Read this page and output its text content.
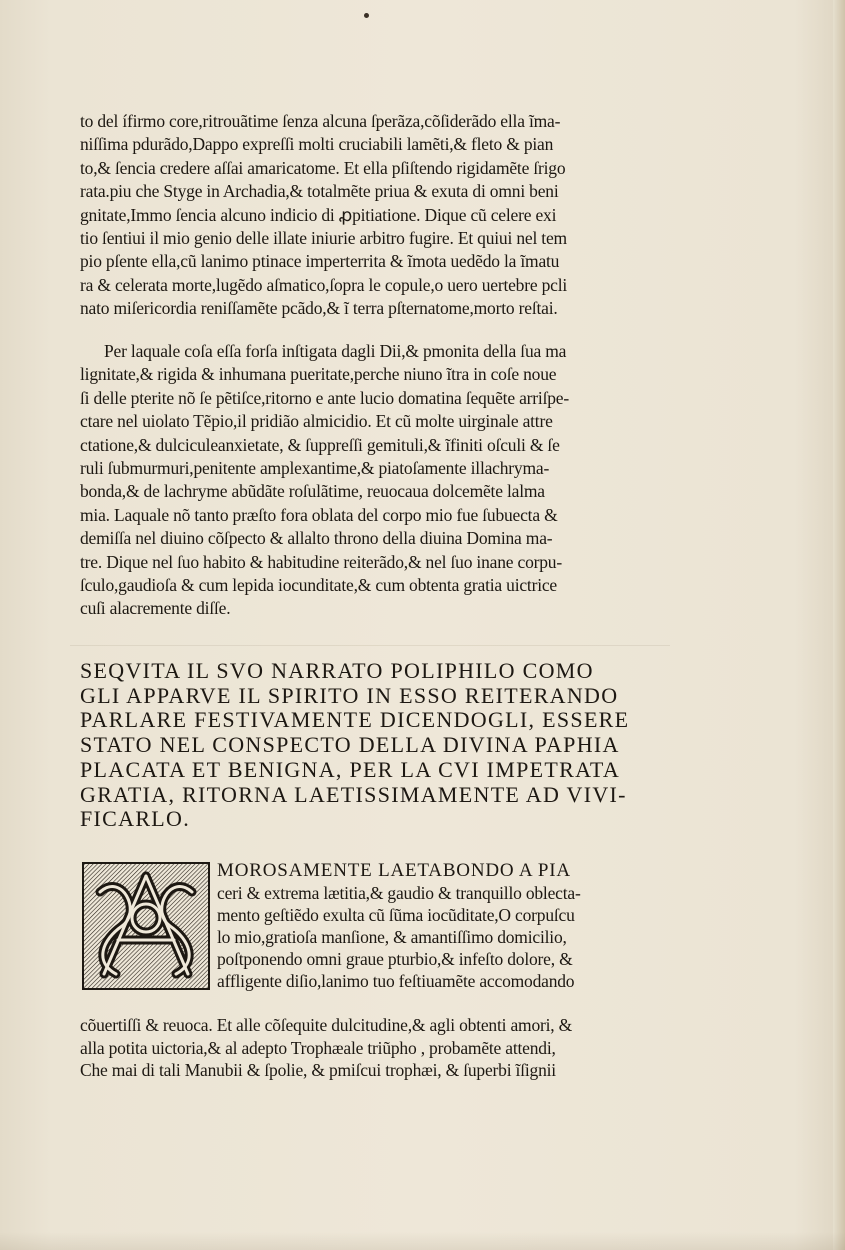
to del ífirmo core,ritrouãtime ſenza alcuna ſperãza,cõſiderãdo ella ĩma-
niſſima pdurãdo,Dappo expreſſi molti cruciabili lamẽti,& fleto & pian
to,& ſencia credere aſſai amaricatome. Et ella pſiſtendo rigidamẽte ſrigo
rata.piu che Styge in Archadia,& totalmẽte priua & exuta di omni beni
gnitate,Immo ſencia alcuno indicio di ꝓpitiatione. Dique cũ celere exi
tio ſentiui il mio genio delle illate iniurie arbitro fugire. Et quiui nel tem
pio pſente ella,cũ lanimo ptinace imperterrita & ĩmota uedẽdo la ĩmatu
ra & celerata morte,lugẽdo aſmatico,ſopra le copule,o uero uertebre pcli
nato miſericordia reniſſamẽte pcãdo,& ĩ terra pſternatome,morto reſtai.
Per laquale coſa eſſa forſa inſtigata dagli Dii,& pmonita della ſua ma
lignitate,& rigida & inhumana pueritate,perche niuno ĩtra in coſe noue
ſi delle pterite nõ ſe pẽtiſce,ritorno e ante lucio domatina ſequẽte arriſpe-
ctare nel uiolato Tẽpio,il pridião almicidio. Et cũ molte uirginale attre
ctatione,& dulciculeanxietate, & ſuppreſſi gemituli,& ĩfiniti oſculi & ſe
ruli ſubmurmuri,penitente amplexantime,& piatoſamente illachryma-
bonda,& de lachryme abũdãte roſulãtime, reuocaua dolcemẽte lalma
mia. Laquale nõ tanto præſto fora oblata del corpo mio fue ſubuecta &
demiſſa nel diuino cõſpecto & allalto throno della diuina Domina ma-
tre. Dique nel ſuo habito & habitudine reiterãdo,& nel ſuo inane corpu-
ſculo,gaudioſa & cum lepida iocunditate,& cum obtenta gratia uictrice
cuſi alacremente diſſe.
SEQVITA IL SVO NARRATO POLIPHILO COMO
GLI APPARVE IL SPIRITO IN ESSO REITERANDO
PARLARE FESTIVAMENTE DICENDOGLI, ESSERE
STATO NEL CONSPECTO DELLA DIVINA PAPHIA
PLACATA ET BENIGNA, PER LA CVI IMPETRATA
GRATIA, RITORNA LAETISSIMAMENTE AD VIVI-
FICARLO.
MOROSAMENTE LAETABONDO A PIA
ceri & extrema lætitia,& gaudio & tranquillo oblecta-
mento geſtiẽdo exulta cũ ſũma iocũditate,O corpuſcu
lo mio,gratioſa manſione, & amantiſſimo domicilio,
poſtponendo omni graue pturbio,& infeſto dolore, &
affligente diſio,lanimo tuo feſtiuamẽte accomodando
cõuertiſſi & reuoca. Et alle cõſequite dulcitudine,& agli obtenti amori, &
alla potita uictoria,& al adepto Trophæale triũpho , probamẽte attendi,
Che mai di tali Manubii & ſpolie, & pmiſcui trophæi, & ſuperbi ĩſignii
